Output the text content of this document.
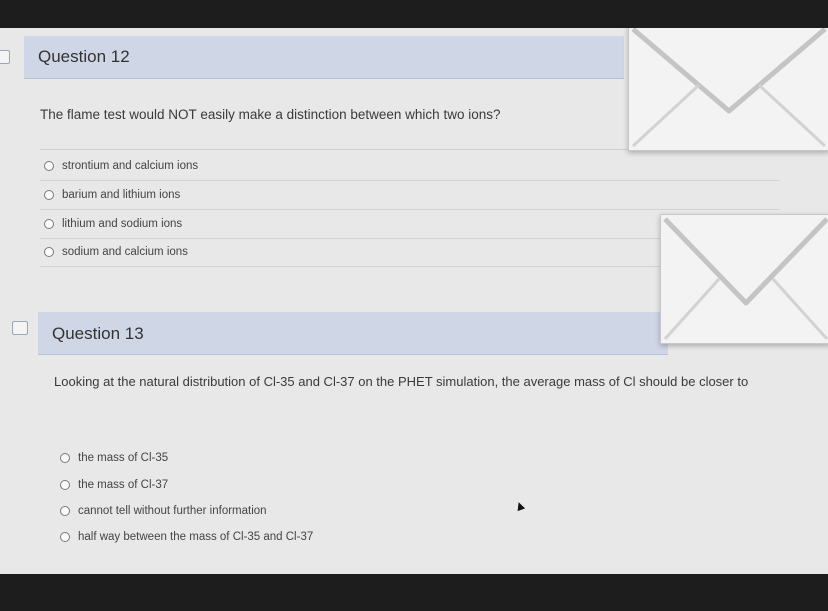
Question 12
The flame test would NOT easily make a distinction between which two ions?
strontium and calcium ions
barium and lithium ions
lithium and sodium ions
sodium and calcium ions
Question 13
Looking at the natural distribution of Cl-35 and Cl-37 on the PHET simulation, the average mass of Cl should be closer to
the mass of Cl-35
the mass of Cl-37
cannot tell without further information
half way between the mass of Cl-35 and Cl-37
